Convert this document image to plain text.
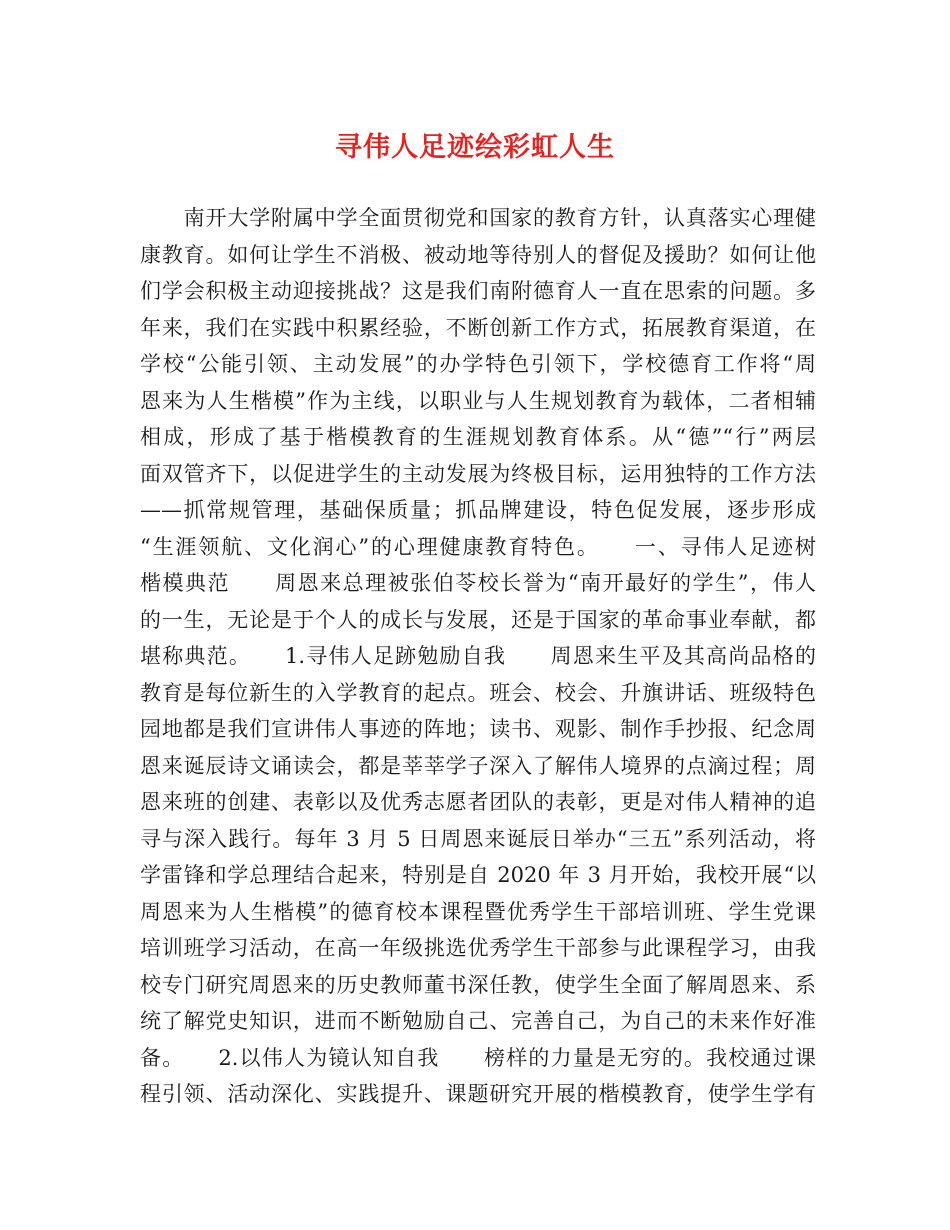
寻伟人足迹绘彩虹人生
　　南开大学附属中学全面贯彻党和国家的教育方针，认真落实心理健
康教育。如何让学生不消极、被动地等待别人的督促及援助？如何让他
们学会积极主动迎接挑战？这是我们南附德育人一直在思索的问题。多
年来，我们在实践中积累经验，不断创新工作方式，拓展教育渠道，在
学校“公能引领、主动发展”的办学特色引领下，学校德育工作将“周
恩来为人生楷模”作为主线，以职业与人生规划教育为载体，二者相辅
相成，形成了基于楷模教育的生涯规划教育体系。从“德”“行”两层
面双管齐下，以促进学生的主动发展为终极目标，运用独特的工作方法
——抓常规管理，基础保质量；抓品牌建设，特色促发展，逐步形成
“生涯领航、文化润心”的心理健康教育特色。　　一、寻伟人足迹树
楷模典范　　周恩来总理被张伯苓校长誉为“南开最好的学生”，伟人
的一生，无论是于个人的成长与发展，还是于国家的革命事业奉献，都
堪称典范。　　1.寻伟人足跡勉励自我　　周恩来生平及其高尚品格的
教育是每位新生的入学教育的起点。班会、校会、升旗讲话、班级特色
园地都是我们宣讲伟人事迹的阵地；读书、观影、制作手抄报、纪念周
恩来诞辰诗文诵读会，都是莘莘学子深入了解伟人境界的点滴过程；周
恩来班的创建、表彰以及优秀志愿者团队的表彰，更是对伟人精神的追
寻与深入践行。每年 3 月 5 日周恩来诞辰日举办“三五”系列活动，将
学雷锋和学总理结合起来，特别是自 2020 年 3 月开始，我校开展“以
周恩来为人生楷模”的德育校本课程暨优秀学生干部培训班、学生党课
培训班学习活动，在高一年级挑选优秀学生干部参与此课程学习，由我
校专门研究周恩来的历史教师董书深任教，使学生全面了解周恩来、系
统了解党史知识，进而不断勉励自己、完善自己，为自己的未来作好准
备。　　2.以伟人为镜认知自我　　榜样的力量是无穷的。我校通过课
程引领、活动深化、实践提升、课题研究开展的楷模教育，使学生学有
